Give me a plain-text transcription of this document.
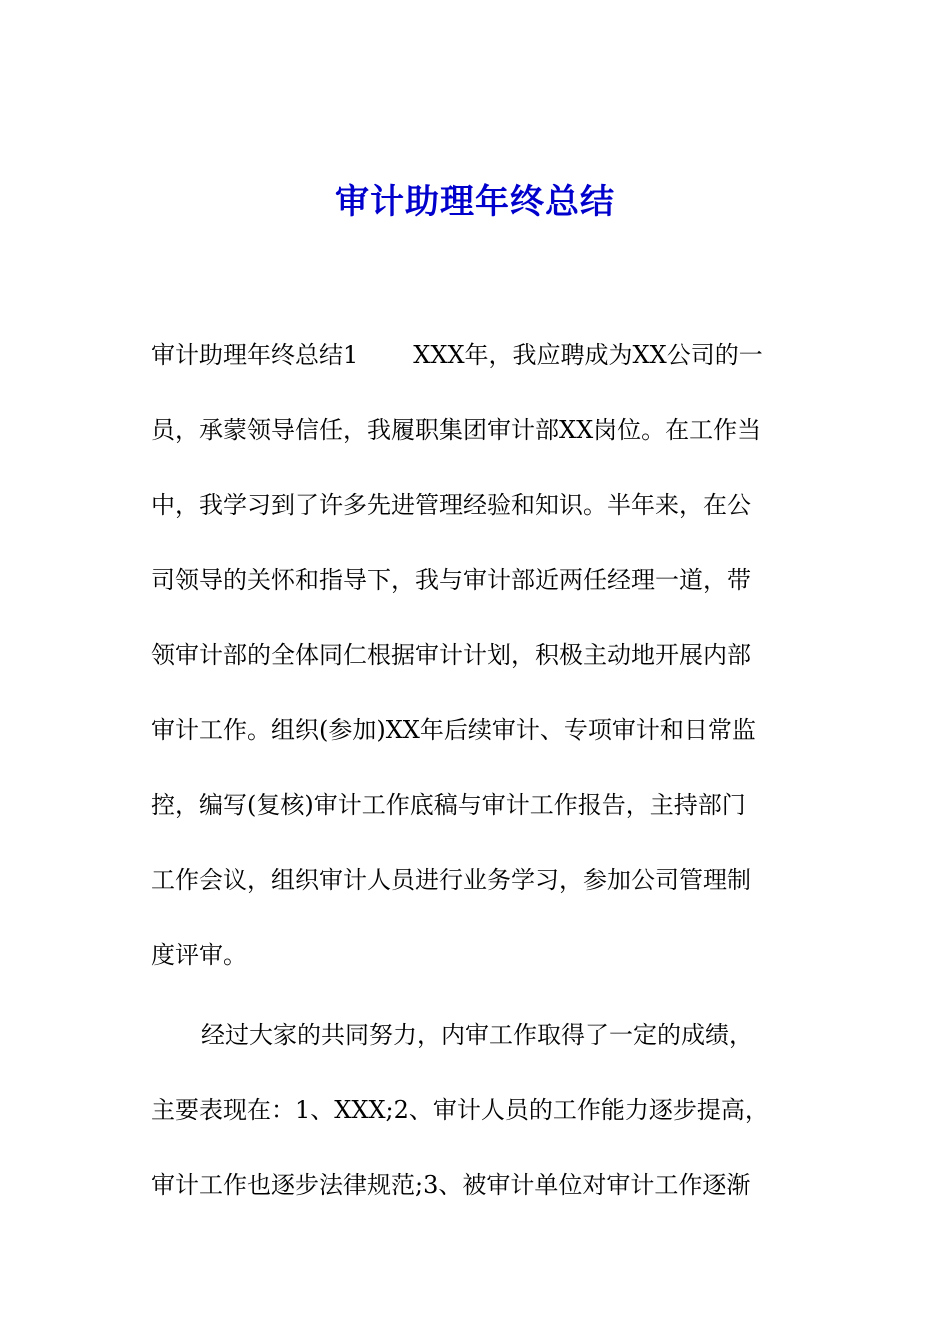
审计助理年终总结
审计助理年终总结1 XXX年，我应聘成为XX公司的一
员，承蒙领导信任，我履职集团审计部XX岗位。在工作当
中，我学习到了许多先进管理经验和知识。半年来，在公
司领导的关怀和指导下，我与审计部近两任经理一道，带
领审计部的全体同仁根据审计计划，积极主动地开展内部
审计工作。组织(参加)XX年后续审计、专项审计和日常监
控，编写(复核)审计工作底稿与审计工作报告，主持部门
工作会议，组织审计人员进行业务学习，参加公司管理制
度评审。
经过大家的共同努力，内审工作取得了一定的成绩，
主要表现在：1、XXX;2、审计人员的工作能力逐步提高，
审计工作也逐步法律规范;3、被审计单位对审计工作逐渐
